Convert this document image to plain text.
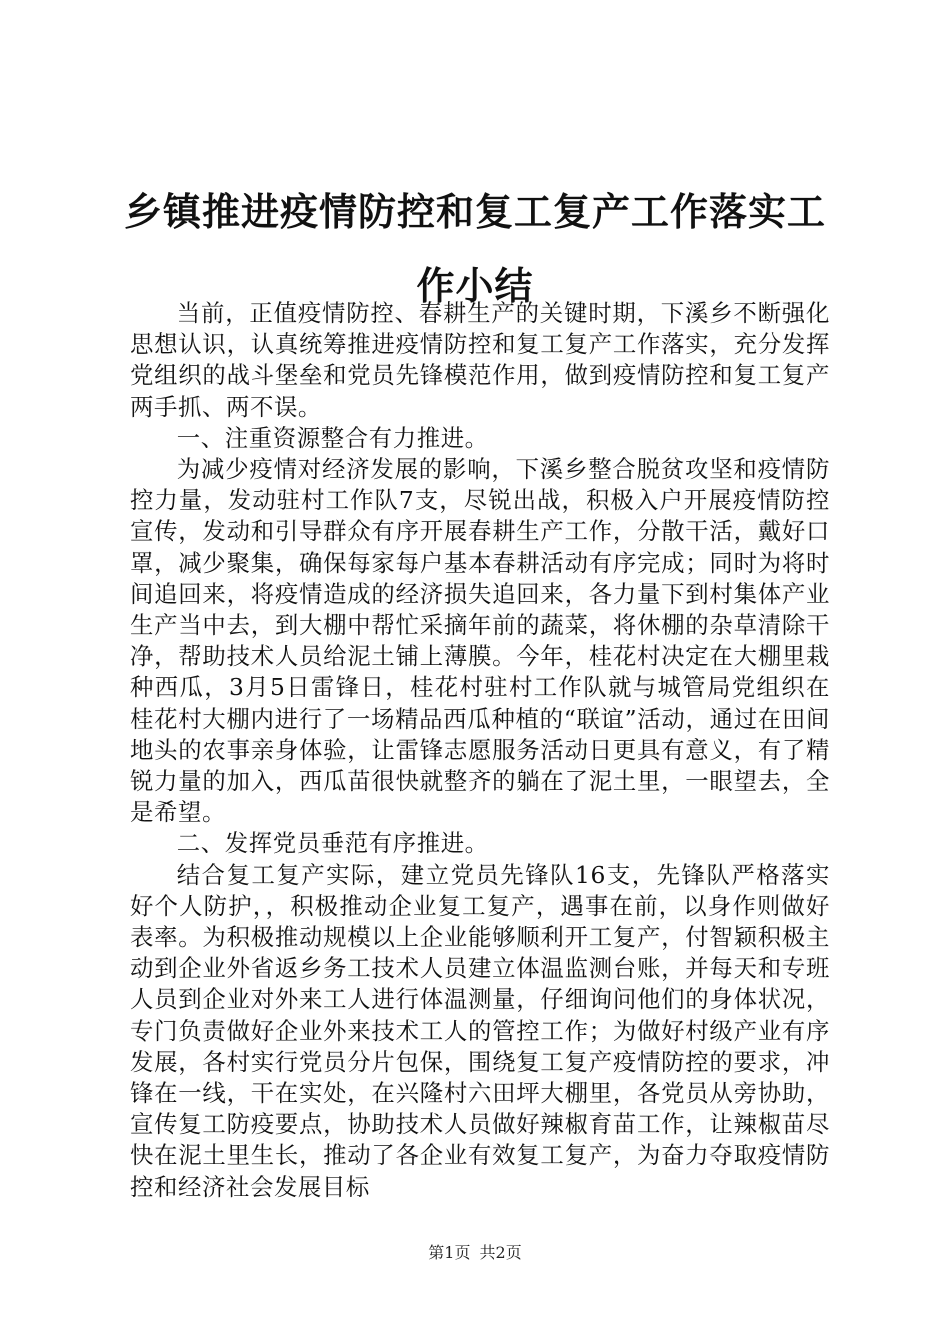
乡镇推进疫情防控和复工复产工作落实工作小结

当前，正值疫情防控、春耕生产的关键时期，下溪乡不断强化思想认识，认真统筹推进疫情防控和复工复产工作落实，充分发挥党组织的战斗堡垒和党员先锋模范作用，做到疫情防控和复工复产两手抓、两不误。

一、注重资源整合有力推进。

为减少疫情对经济发展的影响，下溪乡整合脱贫攻坚和疫情防控力量，发动驻村工作队7支，尽锐出战，积极入户开展疫情防控宣传，发动和引导群众有序开展春耕生产工作，分散干活，戴好口罩，减少聚集，确保每家每户基本春耕活动有序完成；同时为将时间追回来，将疫情造成的经济损失追回来，各力量下到村集体产业生产当中去，到大棚中帮忙采摘年前的蔬菜，将休棚的杂草清除干净，帮助技术人员给泥土铺上薄膜。今年，桂花村决定在大棚里栽种西瓜，3月5日雷锋日，桂花村驻村工作队就与城管局党组织在桂花村大棚内进行了一场精品西瓜种植的“联谊”活动，通过在田间地头的农事亲身体验，让雷锋志愿服务活动日更具有意义，有了精锐力量的加入，西瓜苗很快就整齐的躺在了泥土里，一眼望去，全是希望。

二、发挥党员垂范有序推进。

结合复工复产实际，建立党员先锋队16支，先锋队严格落实好个人防护，，积极推动企业复工复产，遇事在前，以身作则做好表率。为积极推动规模以上企业能够顺利开工复产，付智颖积极主动到企业外省返乡务工技术人员建立体温监测台账，并每天和专班人员到企业对外来工人进行体温测量，仔细询问他们的身体状况，专门负责做好企业外来技术工人的管控工作；为做好村级产业有序发展，各村实行党员分片包保，围绕复工复产疫情防控的要求，冲锋在一线，干在实处，在兴隆村六田坪大棚里，各党员从旁协助，宣传复工防疫要点，协助技术人员做好辣椒育苗工作，让辣椒苗尽快在泥土里生长，推动了各企业有效复工复产，为奋力夺取疫情防控和经济社会发展目标

第1页 共2页
